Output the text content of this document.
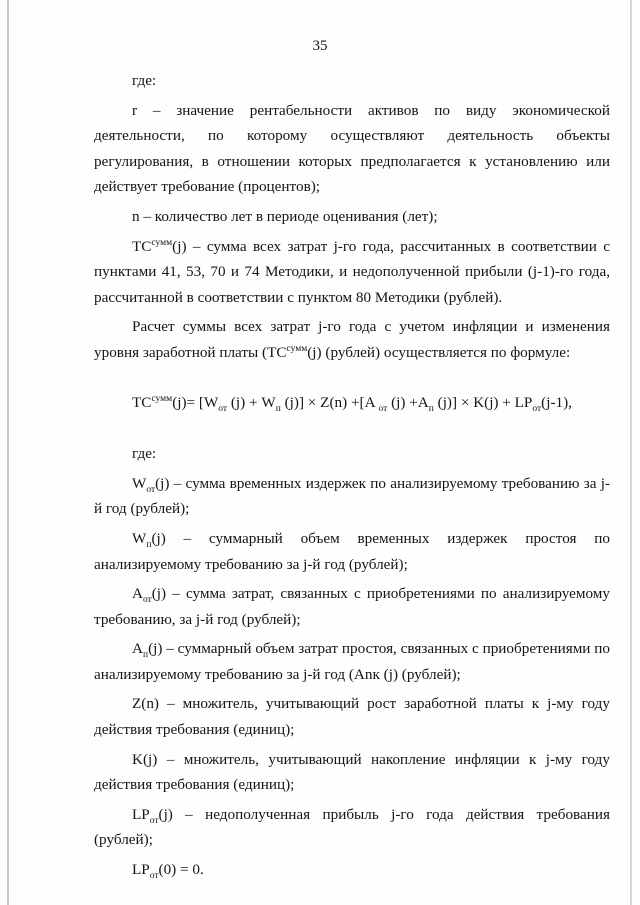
35

где:

r – значение рентабельности активов по виду экономической деятельности, по которому осуществляют деятельность объекты регулирования, в отношении которых предполагается к установлению или действует требование (процентов);

n – количество лет в периоде оценивания (лет);

$TC^{сумм}(j)$ – сумма всех затрат j-го года, рассчитанных в соответствии с пунктами 41, 53, 70 и 74 Методики, и недополученной прибыли (j-1)-го года, рассчитанной в соответствии с пунктом 80 Методики (рублей).

Расчет суммы всех затрат j-го года с учетом инфляции и изменения уровня заработной платы ($TC^{сумм}(j)$ (рублей) осуществляется по формуле:

$TC^{сумм}(j)= [W_{от}$ $(j) + W_п$ (j)] × Z(n) +[A $_{от}$ $(j) +A_п$ $(j)] \times K(j) + LP_{от}(j-1)$,

где:

$W_{от}(j)$ – сумма временных издержек по анализируемому требованию за j-й год (рублей);

$W_п(j)$ – суммарный объем временных издержек простоя по анализируемому требованию за j-й год (рублей);

$A_{от}(j)$ – сумма затрат, связанных с приобретениями по анализируемому требованию, за j-й год (рублей);

$A_п(j)$ – суммарный объем затрат простоя, связанных с приобретениями по анализируемому требованию за j-й год (Anк (j) (рублей);

Z(n) – множитель, учитывающий рост заработной платы к j-му году действия требования (единиц);

K(j) – множитель, учитывающий накопление инфляции к j-му году действия требования (единиц);

$LP_{от}(j)$ – недополученная прибыль j-го года действия требования (рублей);

$LP_{от}(0) = 0$.
